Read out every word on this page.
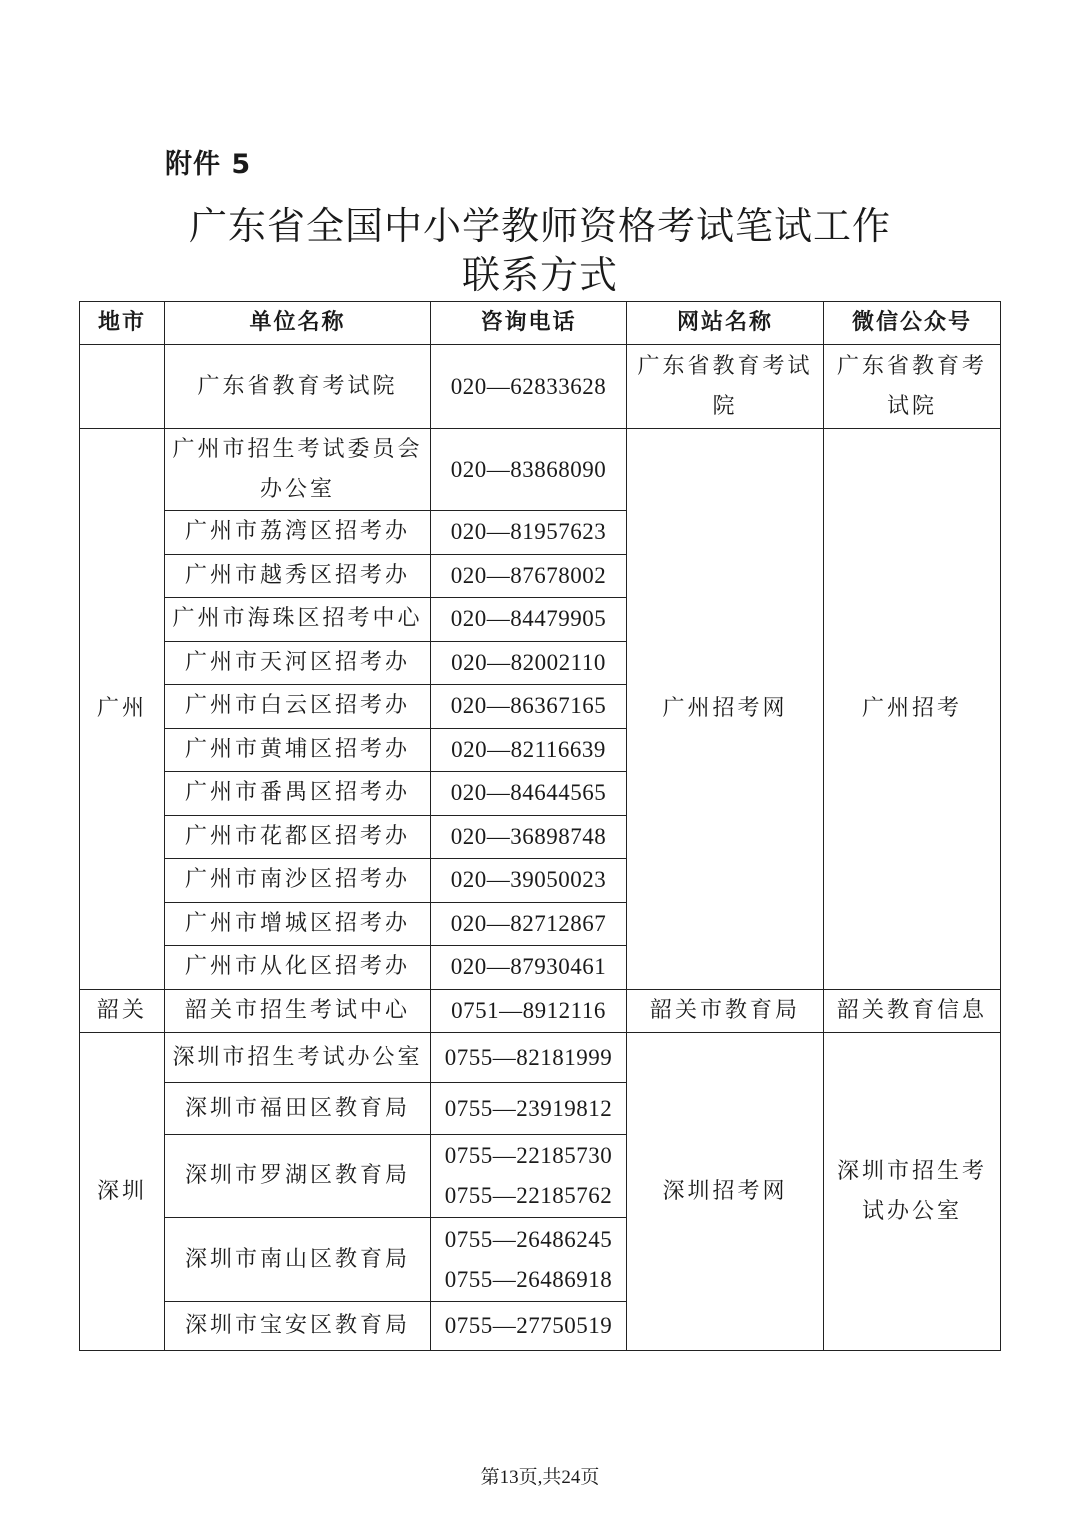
附件 5
广东省全国中小学教师资格考试笔试工作
联系方式
地市	单位名称	咨询电话	网站名称	微信公众号
	广东省教育考试院	020—62833628	广东省教育考试院	广东省教育考试院
广州	广州市招生考试委员会办公室	020—83868090	广州招考网	广州招考
	广州市荔湾区招考办	020—81957623		
	广州市越秀区招考办	020—87678002		
	广州市海珠区招考中心	020—84479905		
	广州市天河区招考办	020—82002110		
	广州市白云区招考办	020—86367165		
	广州市黄埔区招考办	020—82116639		
	广州市番禺区招考办	020—84644565		
	广州市花都区招考办	020—36898748		
	广州市南沙区招考办	020—39050023		
	广州市增城区招考办	020—82712867		
	广州市从化区招考办	020—87930461		
韶关	韶关市招生考试中心	0751—8912116	韶关市教育局	韶关教育信息
深圳	深圳市招生考试办公室	0755—82181999	深圳招考网	深圳市招生考试办公室
	深圳市福田区教育局	0755—23919812		

	深圳市罗湖区教育局	0755—22185730
0755—22185762		

	深圳市南山区教育局	0755—26486245
0755—26486918		

	深圳市宝安区教育局	0755—27750519		
第13页,共24页
